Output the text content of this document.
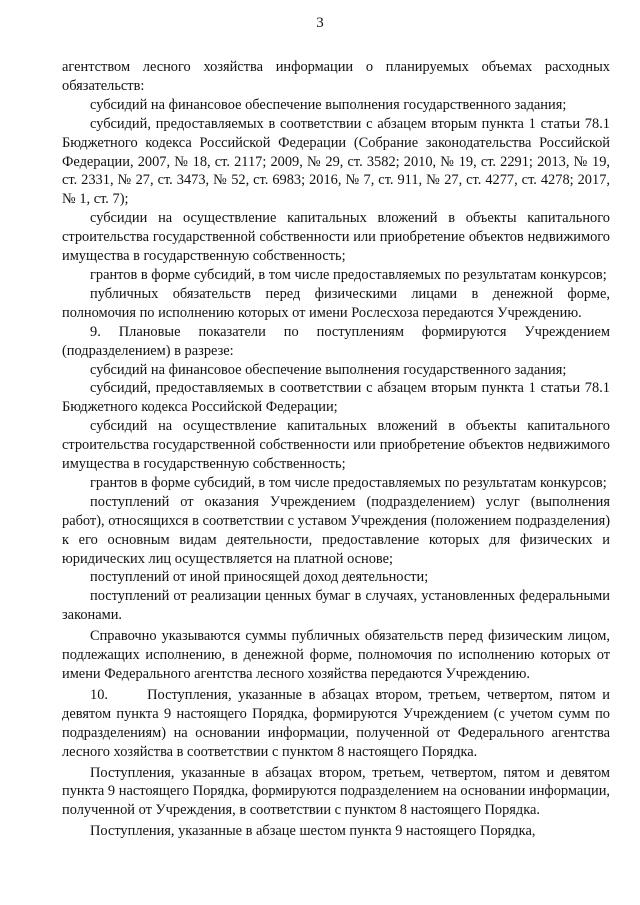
3

агентством лесного хозяйства информации о планируемых объемах расходных обязательств:

субсидий на финансовое обеспечение выполнения государственного задания;

субсидий, предоставляемых в соответствии с абзацем вторым пункта 1 статьи 78.1 Бюджетного кодекса Российской Федерации (Собрание законодательства Российской Федерации, 2007, № 18, ст. 2117; 2009, № 29, ст. 3582; 2010, № 19, ст. 2291; 2013, № 19, ст. 2331, № 27, ст. 3473, № 52, ст. 6983; 2016, № 7, ст. 911, № 27, ст. 4277, ст. 4278; 2017, № 1, ст. 7);

субсидии на осуществление капитальных вложений в объекты капитального строительства государственной собственности или приобретение объектов недвижимого имущества в государственную собственность;

грантов в форме субсидий, в том числе предоставляемых по результатам конкурсов;

публичных обязательств перед физическими лицами в денежной форме, полномочия по исполнению которых от имени Рослесхоза передаются Учреждению.

9. Плановые показатели по поступлениям формируются Учреждением (подразделением) в разрезе:

субсидий на финансовое обеспечение выполнения государственного задания;

субсидий, предоставляемых в соответствии с абзацем вторым пункта 1 статьи 78.1 Бюджетного кодекса Российской Федерации;

субсидий на осуществление капитальных вложений в объекты капитального строительства государственной собственности или приобретение объектов недвижимого имущества в государственную собственность;

грантов в форме субсидий, в том числе предоставляемых по результатам конкурсов;

поступлений от оказания Учреждением (подразделением) услуг (выполнения работ), относящихся в соответствии с уставом Учреждения (положением подразделения) к его основным видам деятельности, предоставление которых для физических и юридических лиц осуществляется на платной основе;

поступлений от иной приносящей доход деятельности;

поступлений от реализации ценных бумаг в случаях, установленных федеральными законами.

Справочно указываются суммы публичных обязательств перед физическим лицом, подлежащих исполнению, в денежной форме, полномочия по исполнению которых от имени Федерального агентства лесного хозяйства передаются Учреждению.

10.      Поступления, указанные в абзацах втором, третьем, четвертом, пятом и девятом пункта 9 настоящего Порядка, формируются Учреждением (с учетом сумм по подразделениям) на основании информации, полученной от Федерального агентства лесного хозяйства в соответствии с пунктом 8 настоящего Порядка.

Поступления, указанные в абзацах втором, третьем, четвертом, пятом и девятом пункта 9 настоящего Порядка, формируются подразделением на основании информации, полученной от Учреждения, в соответствии с пунктом 8 настоящего Порядка.

Поступления, указанные в абзаце шестом пункта 9 настоящего Порядка,
